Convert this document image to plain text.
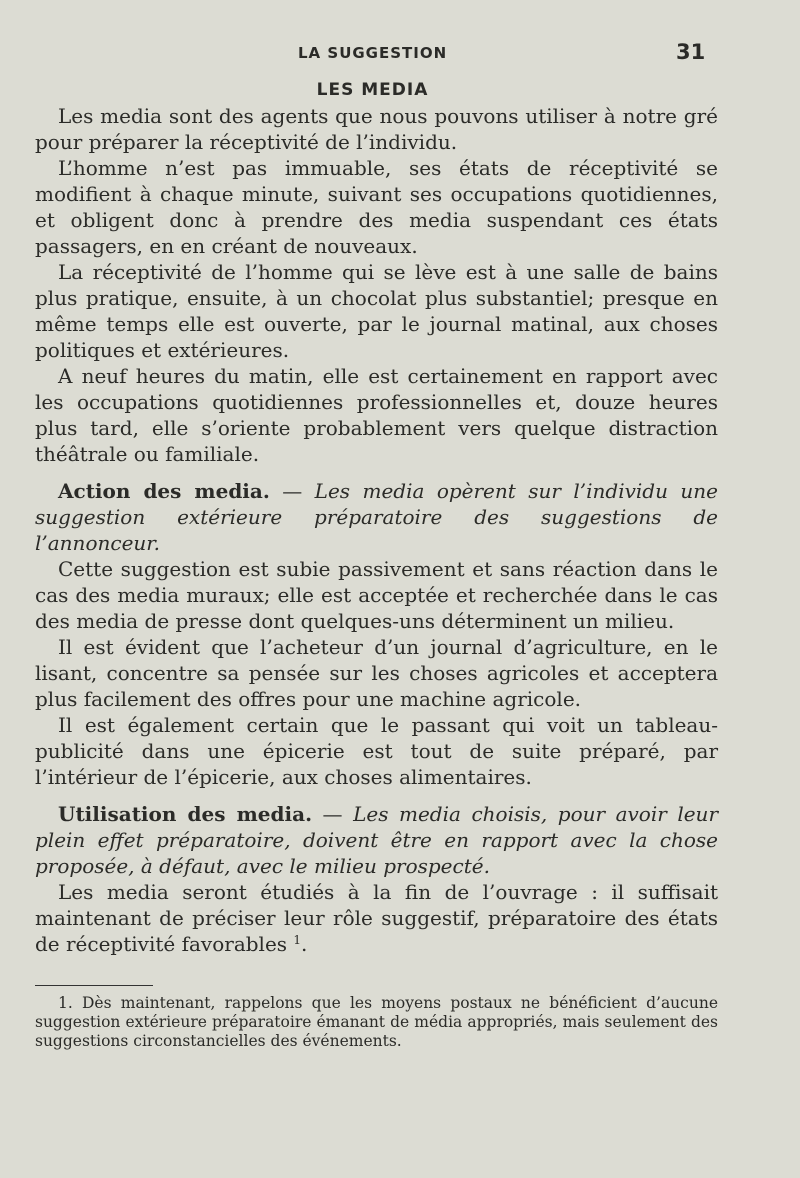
LA SUGGESTION	31
LES MEDIA

Les media sont des agents que nous pouvons utiliser à notre gré pour préparer la réceptivité de l’individu.

L’homme n’est pas immuable, ses états de réceptivité se modifient à chaque minute, suivant ses occupations quotidiennes, et obligent donc à prendre des media suspendant ces états passagers, en en créant de nouveaux.

La réceptivité de l’homme qui se lève est à une salle de bains plus pratique, ensuite, à un chocolat plus substantiel; presque en même temps elle est ouverte, par le journal matinal, aux choses politiques et extérieures.

A neuf heures du matin, elle est certainement en rapport avec les occupations quotidiennes professionnelles et, douze heures plus tard, elle s’oriente probablement vers quelque distraction théâtrale ou familiale.

Action des media. — Les media opèrent sur l’individu une suggestion extérieure préparatoire des suggestions de l’annonceur.

Cette suggestion est subie passivement et sans réaction dans le cas des media muraux; elle est acceptée et recherchée dans le cas des media de presse dont quelques-uns déterminent un milieu.

Il est évident que l’acheteur d’un journal d’agriculture, en le lisant, concentre sa pensée sur les choses agricoles et acceptera plus facilement des offres pour une machine agricole.

Il est également certain que le passant qui voit un tableau-publicité dans une épicerie est tout de suite préparé, par l’intérieur de l’épicerie, aux choses alimentaires.

Utilisation des media. — Les media choisis, pour avoir leur plein effet préparatoire, doivent être en rapport avec la chose proposée, à défaut, avec le milieu prospecté.

Les media seront étudiés à la fin de l’ouvrage : il suffisait maintenant de préciser leur rôle suggestif, préparatoire des états de réceptivité favorables $^1$.

1. Dès maintenant, rappelons que les moyens postaux ne bénéficient d’aucune suggestion extérieure préparatoire émanant de média appropriés, mais seulement des suggestions circonstancielles des événements.
